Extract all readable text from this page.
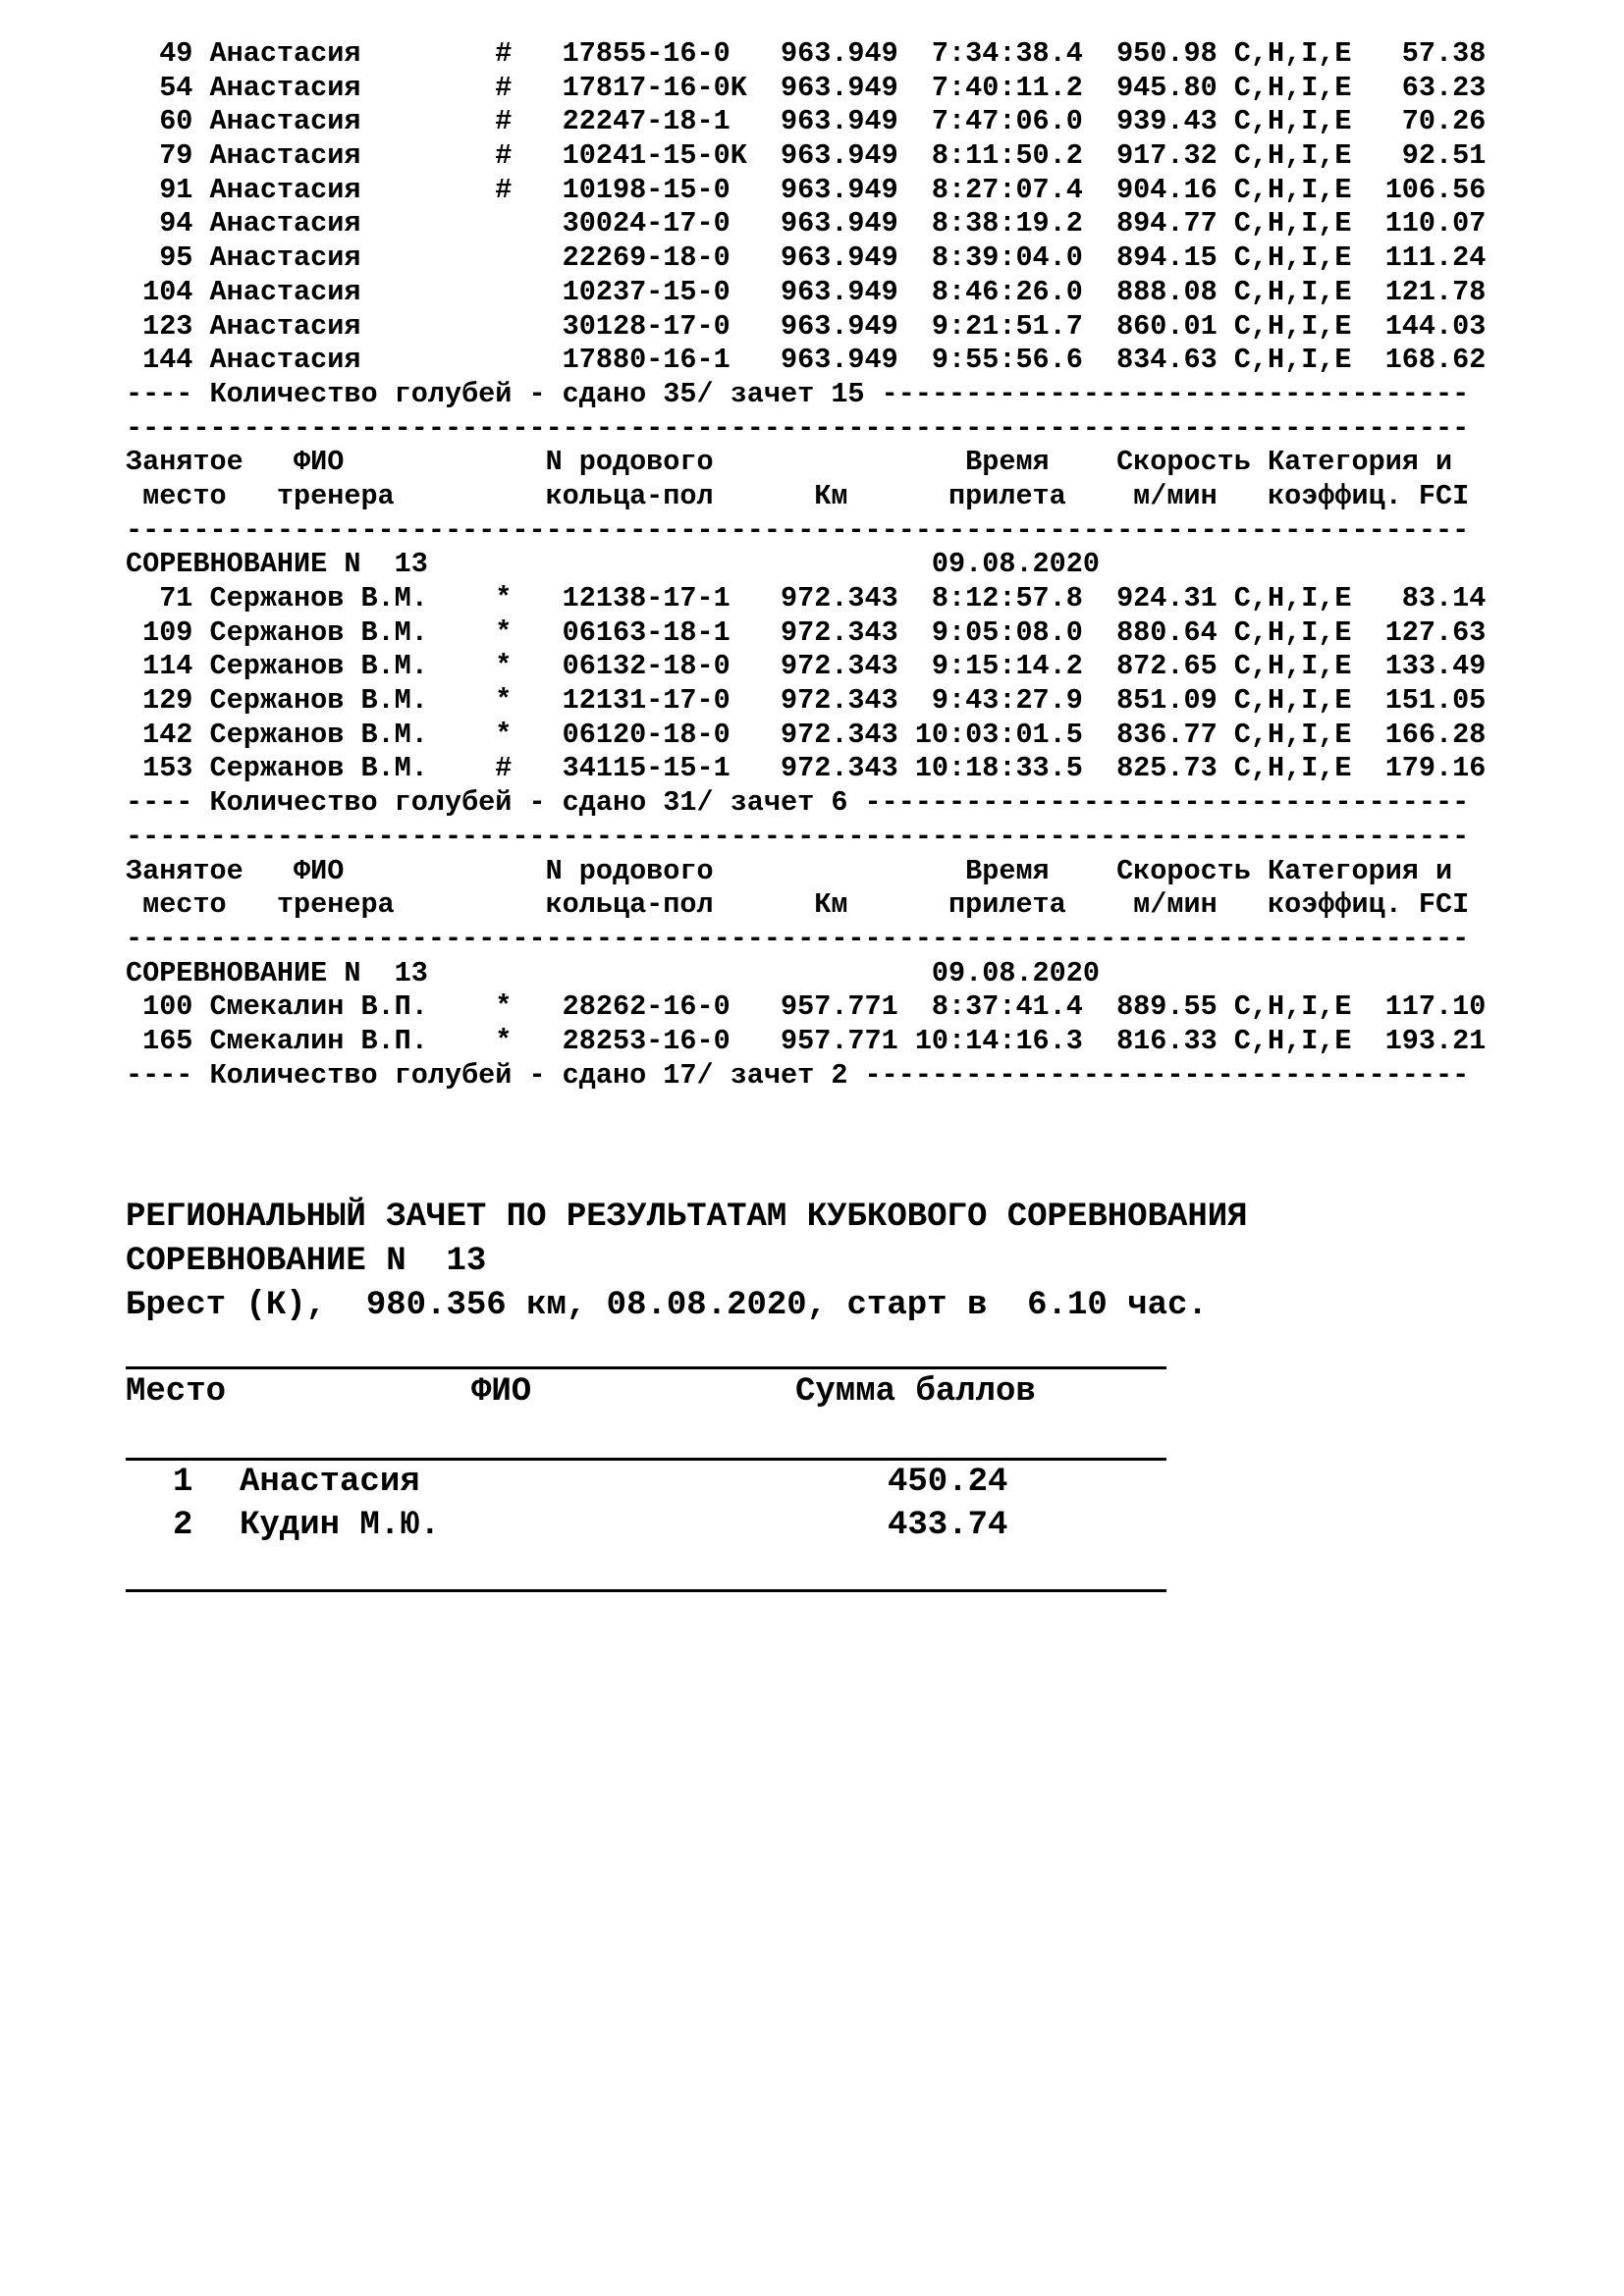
49 Анастасия        #   17855-16-0   963.949  7:34:38.4  950.98 C,H,I,E   57.38
54 Анастасия        #   17817-16-0K  963.949  7:40:11.2  945.80 C,H,I,E   63.23
60 Анастасия        #   22247-18-1   963.949  7:47:06.0  939.43 C,H,I,E   70.26
79 Анастасия        #   10241-15-0K  963.949  8:11:50.2  917.32 C,H,I,E   92.51
91 Анастасия        #   10198-15-0   963.949  8:27:07.4  904.16 C,H,I,E  106.56
94 Анастасия            30024-17-0   963.949  8:38:19.2  894.77 C,H,I,E  110.07
95 Анастасия            22269-18-0   963.949  8:39:04.0  894.15 C,H,I,E  111.24
104 Анастасия            10237-15-0   963.949  8:46:26.0  888.08 C,H,I,E  121.78
123 Анастасия            30128-17-0   963.949  9:21:51.7  860.01 C,H,I,E  144.03
144 Анастасия            17880-16-1   963.949  9:55:56.6  834.63 C,H,I,E  168.62
---- Количество голубей - сдано 35/ зачет 15 -----------------------------------
--------------------------------------------------------------------------------
Занятое   ФИО            N родового               Время    Скорость Категория и
место   тренера         кольца-пол      Км      прилета    м/мин   коэффиц. FCI
--------------------------------------------------------------------------------
СОРЕВНОВАНИЕ N  13                              09.08.2020
71 Сержанов В.М.    *   12138-17-1   972.343  8:12:57.8  924.31 C,H,I,E   83.14
109 Сержанов В.М.    *   06163-18-1   972.343  9:05:08.0  880.64 C,H,I,E  127.63
114 Сержанов В.М.    *   06132-18-0   972.343  9:15:14.2  872.65 C,H,I,E  133.49
129 Сержанов В.М.    *   12131-17-0   972.343  9:43:27.9  851.09 C,H,I,E  151.05
142 Сержанов В.М.    *   06120-18-0   972.343 10:03:01.5  836.77 C,H,I,E  166.28
153 Сержанов В.М.    #   34115-15-1   972.343 10:18:33.5  825.73 C,H,I,E  179.16
---- Количество голубей - сдано 31/ зачет 6 ------------------------------------
--------------------------------------------------------------------------------
Занятое   ФИО            N родового               Время    Скорость Категория и
место   тренера         кольца-пол      Км      прилета    м/мин   коэффиц. FCI
--------------------------------------------------------------------------------
СОРЕВНОВАНИЕ N  13                              09.08.2020
100 Смекалин В.П.    *   28262-16-0   957.771  8:37:41.4  889.55 C,H,I,E  117.10
165 Смекалин В.П.    *   28253-16-0   957.771 10:14:16.3  816.33 C,H,I,E  193.21
---- Количество голубей - сдано 17/ зачет 2 ------------------------------------
РЕГИОНАЛЬНЫЙ ЗАЧЕТ ПО РЕЗУЛЬТАТАМ КУБКОВОГО СОРЕВНОВАНИЯ
СОРЕВНОВАНИЕ N  13
Брест (К),  980.356 км, 08.08.2020, старт в  6.10 час.
Место	ФИО	Сумма баллов
1 Анастасия	450.24
2 Кудин М.Ю.	433.74
